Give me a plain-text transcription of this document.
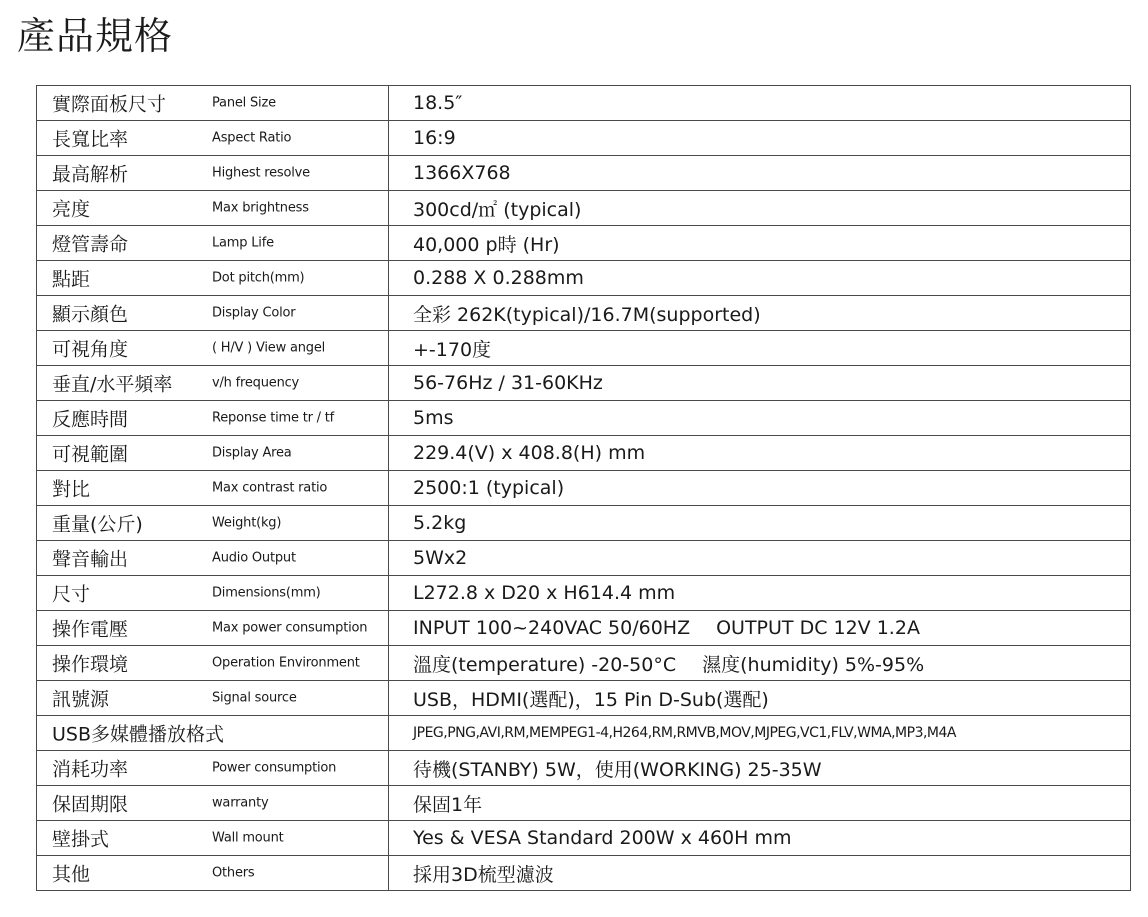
產品規格
實際面板尺寸 Panel Size	18.5″

長寬比率 Aspect Ratio	16:9

最高解析 Highest resolve	1366X768

亮度 Max brightness	300cd/㎡ (typical)

燈管壽命 Lamp Life	40,000 p時 (Hr)

點距 Dot pitch(mm)	0.288 X 0.288mm

顯示顏色 Display Color	全彩 262K(typical)/16.7M(supported)

可視角度 ( H/V ) View angel	+-170度

垂直/水平頻率 v/h frequency	56-76Hz / 31-60KHz

反應時間 Reponse time tr / tf	5ms

可視範圍 Display Area	229.4(V) x 408.8(H) mm

對比 Max contrast ratio	2500:1 (typical)

重量(公斤) Weight(kg)	5.2kg

聲音輸出 Audio Output	5Wx2

尺寸 Dimensions(mm)	L272.8 x D20 x H614.4 mm

操作電壓 Max power consumption	INPUT 100~240VAC 50/60HZ OUTPUT DC 12V 1.2A

操作環境 Operation Environment	溫度(temperature) -20-50°C 濕度(humidity) 5%-95%

訊號源 Signal source	USB，HDMI(選配)，15 Pin D-Sub(選配)

USB多媒體播放格式	JPEG,PNG,AVI,RM,MEMPEG1-4,H264,RM,RMVB,MOV,MJPEG,VC1,FLV,WMA,MP3,M4A

消耗功率 Power consumption	待機(STANBY) 5W，使用(WORKING) 25-35W

保固期限 warranty	保固1年

壁掛式 Wall mount	Yes & VESA Standard 200W x 460H mm

其他 Others	採用3D梳型濾波
